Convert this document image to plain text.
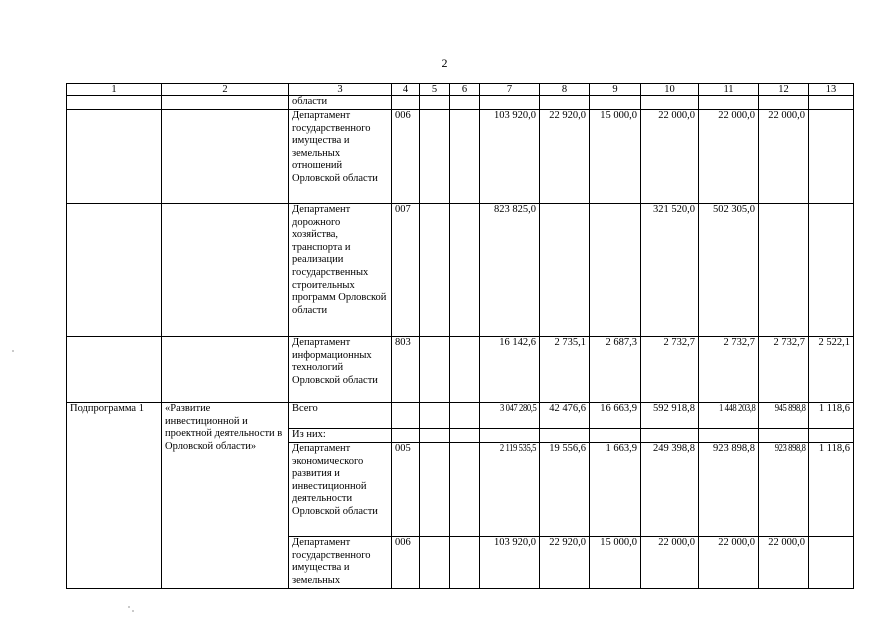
2
1	2	3	4	5	6	7	8	9	10	11	12	13
		области										
		Департамент государственного имущества и земельных отношений Орловской области	006			103 920,0	22 920,0	15 000,0	22 000,0	22 000,0	22 000,0	
		Департамент дорожного хозяйства, транспорта и реализации государственных строительных программ Орловской области	007			823 825,0			321 520,0	502 305,0		
		Департамент информационных технологий Орловской области	803			16 142,6	2 735,1	2 687,3	2 732,7	2 732,7	2 732,7	2 522,1
Подпрограмма 1	«Развитие инвестиционной и проектной деятельности в Орловской области»	Всего				3 047 280,5	42 476,6	16 663,9	592 918,8	1 448 203,8	945 898,8	1 118,6
		Из них:										
		Департамент экономического развития и инвестиционной деятельности Орловской области	005			2 119 535,5	19 556,6	1 663,9	249 398,8	923 898,8	923 898,8	1 118,6
		Департамент государственного имущества и земельных	006			103 920,0	22 920,0	15 000,0	22 000,0	22 000,0	22 000,0	
